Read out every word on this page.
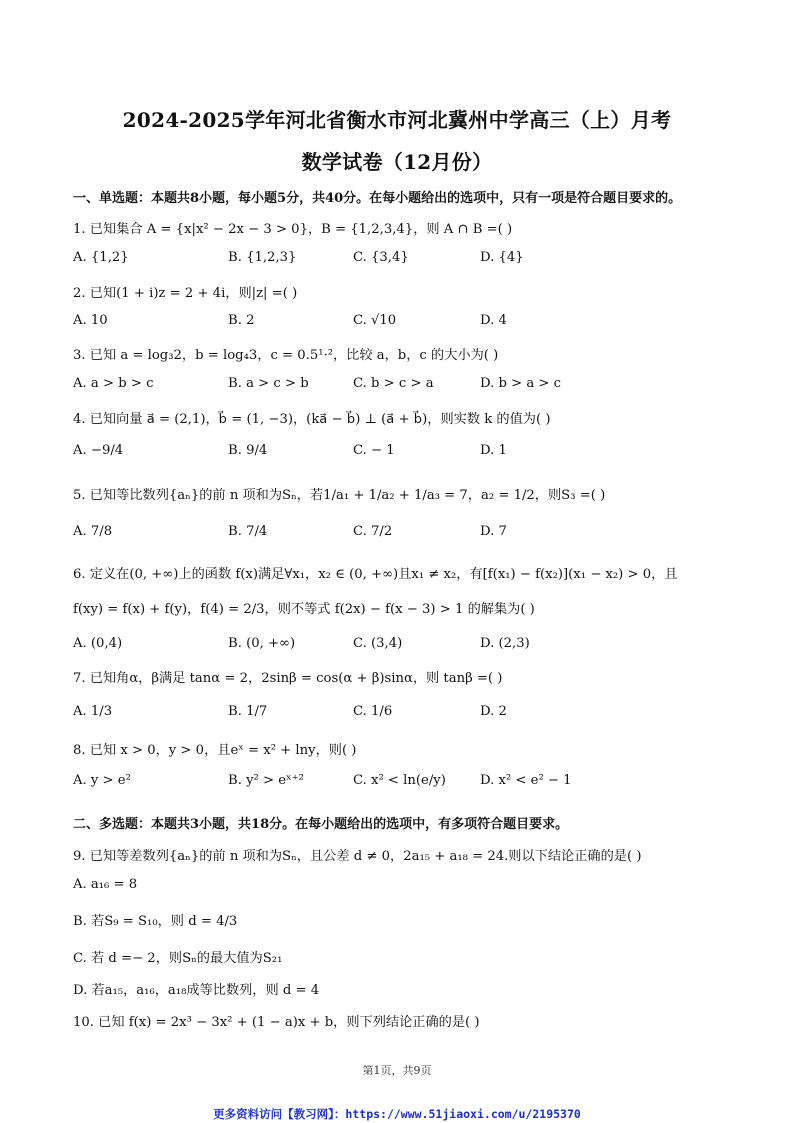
2024-2025学年河北省衡水市河北冀州中学高三（上）月考
数学试卷（12月份）
一、单选题：本题共8小题，每小题5分，共40分。在每小题给出的选项中，只有一项是符合题目要求的。
1. 已知集合 A = {x|x² − 2x − 3 > 0}，B = {1,2,3,4}，则 A ∩ B =( )
A. {1,2}	B. {1,2,3}	C. {3,4}	D. {4}
2. 已知(1 + i)z = 2 + 4i，则|z| =( )
A. 10	B. 2	C. √10	D. 4
3. 已知 a = log₃2，b = log₄3，c = 0.5¹·²，比较 a，b，c 的大小为( )
A. a > b > c	B. a > c > b	C. b > c > a	D. b > a > c
4. 已知向量 a⃗ = (2,1)，b⃗ = (1, −3)，(ka⃗ − b⃗) ⊥ (a⃗ + b⃗)，则实数 k 的值为( )
A. −9/4	B. 9/4	C. − 1	D. 1
5. 已知等比数列{aₙ}的前 n 项和为Sₙ，若1/a₁ + 1/a₂ + 1/a₃ = 7，a₂ = 1/2，则S₃ =( )
A. 7/8	B. 7/4	C. 7/2	D. 7
6. 定义在(0, +∞)上的函数 f(x)满足∀x₁，x₂ ∈ (0, +∞)且x₁ ≠ x₂，有[f(x₁) − f(x₂)](x₁ − x₂) > 0，且
f(xy) = f(x) + f(y)，f(4) = 2/3，则不等式 f(2x) − f(x − 3) > 1 的解集为( )
A. (0,4)	B. (0, +∞)	C. (3,4)	D. (2,3)
7. 已知角α，β满足 tanα = 2，2sinβ = cos(α + β)sinα，则 tanβ =( )
A. 1/3	B. 1/7	C. 1/6	D. 2
8. 已知 x > 0，y > 0，且eˣ = x² + lny，则( )
A. y > e²	B. y² > eˣ⁺²	C. x² < ln(e/y)	D. x² < e² − 1
二、多选题：本题共3小题，共18分。在每小题给出的选项中，有多项符合题目要求。
9. 已知等差数列{aₙ}的前 n 项和为Sₙ，且公差 d ≠ 0，2a₁₅ + a₁₈ = 24.则以下结论正确的是( )
A. a₁₆ = 8
B. 若S₉ = S₁₀，则 d = 4/3
C. 若 d =− 2，则Sₙ的最大值为S₂₁
D. 若a₁₅，a₁₆，a₁₈成等比数列，则 d = 4
10. 已知 f(x) = 2x³ − 3x² + (1 − a)x + b，则下列结论正确的是( )
第1页，共9页
更多资料访问【教习网】：https://www.51jiaoxi.com/u/2195370
